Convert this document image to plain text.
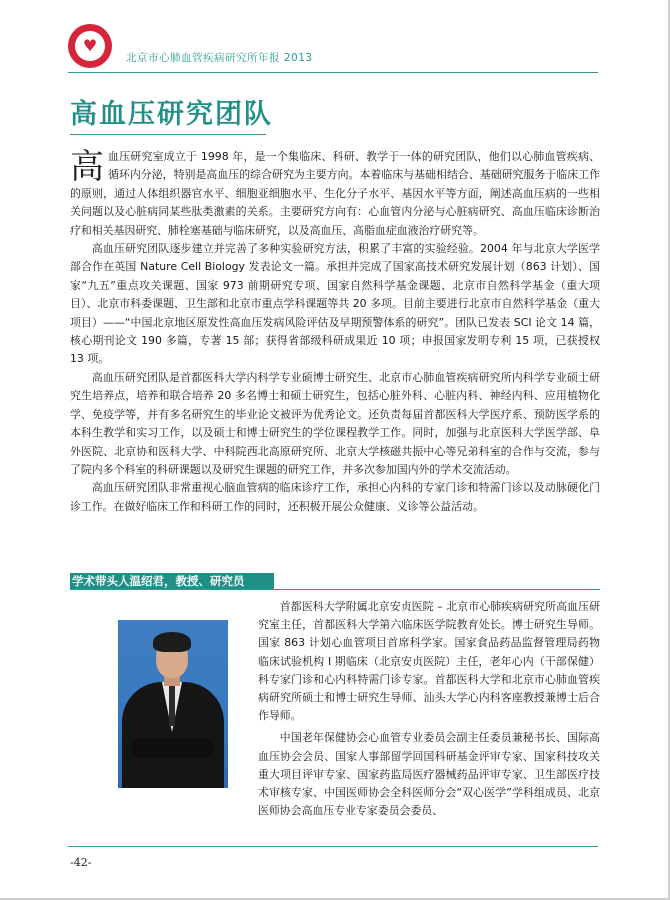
♥
北京市心肺血管疾病研究所年报 2013
高血压研究团队

高血压研究室成立于 1998 年，是一个集临床、科研、教学于一体的研究团队，他们以心肺血管疾病、循环内分泌，特别是高血压的综合研究为主要方向。本着临床与基础相结合、基础研究服务于临床工作的原则，通过人体组织器官水平、细胞亚细胞水平、生化分子水平、基因水平等方面，阐述高血压病的一些相关问题以及心脏病同某些肽类激素的关系。主要研究方向有：心血管内分泌与心脏病研究、高血压临床诊断治疗和相关基因研究、肺栓塞基础与临床研究，以及高血压、高脂血症血液治疗研究等。

高血压研究团队逐步建立并完善了多种实验研究方法，积累了丰富的实验经验。2004 年与北京大学医学部合作在英国 Nature Cell Biology 发表论文一篇。承担并完成了国家高技术研究发展计划（863 计划）、国家“九五”重点攻关课题、国家 973 前期研究专项、国家自然科学基金课题、北京市自然科学基金（重大项目）、北京市科委课题、卫生部和北京市重点学科课题等共 20 多项。目前主要进行北京市自然科学基金（重大项目）——“中国北京地区原发性高血压发病风险评估及早期预警体系的研究”。团队已发表 SCI 论文 14 篇，核心期刊论文 190 多篇，专著 15 部；获得省部级科研成果近 10 项；申报国家发明专利 15 项，已获授权 13 项。

高血压研究团队是首都医科大学内科学专业硕博士研究生、北京市心肺血管疾病研究所内科学专业硕士研究生培养点，培养和联合培养 20 多名博士和硕士研究生，包括心脏外科、心脏内科、神经内科、应用植物化学、免疫学等，并有多名研究生的毕业论文被评为优秀论文。还负责每届首都医科大学医疗系、预防医学系的本科生教学和实习工作，以及硕士和博士研究生的学位课程教学工作。同时，加强与北京医科大学医学部、阜外医院、北京协和医科大学、中科院西北高原研究所、北京大学核磁共振中心等兄弟科室的合作与交流，参与了院内多个科室的科研课题以及研究生课题的研究工作，并多次参加国内外的学术交流活动。

高血压研究团队非常重视心脑血管病的临床诊疗工作，承担心内科的专家门诊和特需门诊以及动脉硬化门诊工作。在做好临床工作和科研工作的同时，还积极开展公众健康、义诊等公益活动。

学术带头人温绍君，教授、研究员

首都医科大学附属北京安贞医院 – 北京市心肺疾病研究所高血压研究室主任，首都医科大学第六临床医学院教育处长。博士研究生导师。国家 863 计划心血管项目首席科学家。国家食品药品监督管理局药物临床试验机构 I 期临床（北京安贞医院）主任，老年心内（干部保健）科专家门诊和心内科特需门诊专家。首都医科大学和北京市心肺血管疾病研究所硕士和博士研究生导师、汕头大学心内科客座教授兼博士后合作导师。

中国老年保健协会心血管专业委员会副主任委员兼秘书长、国际高血压协会会员、国家人事部留学回国科研基金评审专家、国家科技攻关重大项目评审专家、国家药监局医疗器械药品评审专家、卫生部医疗技术审核专家、中国医师协会全科医师分会“双心医学”学科组成员、北京医师协会高血压专业专家委员会委员、

-42-
